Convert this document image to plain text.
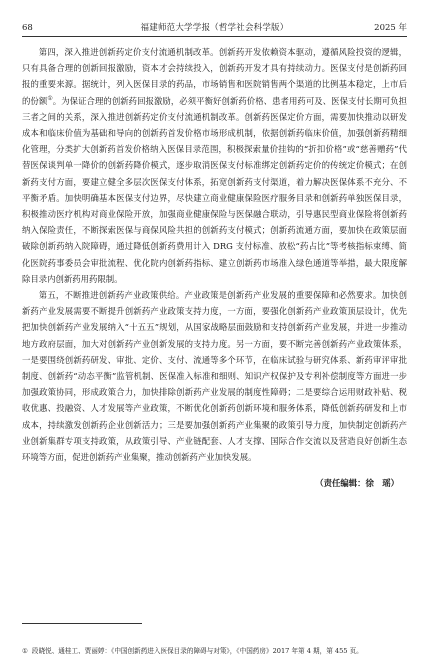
68	福建师范大学学报（哲学社会科学版）	2025 年

第四，深入推进创新药定价支付流通机制改革。创新药开发依赖资本驱动，遵循风险投资的逻辑，只有具备合理的创新回报激励，资本才会持续投入，创新药开发才具有持续动力。医保支付是创新药回报的重要来源。据统计，列入医保目录的药品，市场销售和医院销售两个渠道的比例基本稳定，上市后的份额①。为保证合理的创新药回报激励，必须平衡好创新药价格、患者用药可及、医保支付长期可负担三者之间的关系，深入推进创新药定价支付流通机制改革。创新药医保定价方面，需要加快推动以研发成本和临床价值为基础和导向的创新药首发价格市场形成机制，依据创新药临床价值，加强创新药精细化管理，分类扩大创新药首发价格纳入医保目录范围，积极探索量价挂钩的“折扣价格”或“慈善赠药”代替医保谈判单一降价的创新药降价模式，逐步取消医保支付标准绑定创新药定价的传统定价模式；在创新药支付方面，要建立健全多层次医保支付体系，拓宽创新药支付渠道，着力解决医保体系不充分、不平衡矛盾。加快明确基本医保支付边界，尽快建立商业健康保险医疗服务目录和创新药单独医保目录，积极推动医疗机构对商业保险开放，加强商业健康保险与医保融合联动，引导惠民型商业保险将创新药纳入保险责任，不断探索医保与商保风险共担的创新药支付模式；创新药流通方面，要加快在政策层面破除创新药纳入院障碍，通过降低创新药费用计入 DRG 支付标准、放松“药占比”等考核指标束缚、简化医院药事委员会审批流程、优化院内创新药指标、建立创新药市场准入绿色通道等举措，最大限度解除目录内创新药用药限制。

第五，不断推进创新药产业政策供给。产业政策是创新药产业发展的重要保障和必然要求。加快创新药产业发展需要不断提升创新药产业政策支持力度，一方面，要强化创新药产业政策顶层设计，优先把加快创新药产业发展纳入“十五五”规划，从国家战略层面鼓励和支持创新药产业发展，并进一步推动地方政府层面，加大对创新药产业创新发展的支持力度。另一方面，要不断完善创新药产业政策体系，一是要围绕创新药研发、审批、定价、支付、流通等多个环节，在临床试验与研究体系、新药审评审批制度、创新药“动态平衡”监管机制、医保准入标准和细则、知识产权保护及专利补偿制度等方面进一步加强政策协同，形成政策合力，加快排除创新药产业发展的制度性障碍；二是要综合运用财政补贴、税收优惠、投融资、人才发展等产业政策，不断优化创新药创新环境和服务体系，降低创新药研发和上市成本，持续激发创新药企业创新活力；三是要加强创新药产业集聚的政策引导力度，加快制定创新药产业创新集群专项支持政策，从政策引导、产业链配套、人才支撑、国际合作交流以及营造良好创新生态环境等方面，促进创新药产业集聚，推动创新药产业加快发展。

（责任编辑：徐　瑶）
① 段晓悦、通桂工、贾丽婷：《中国创新药进入医保目录的障碍与对策》，《中国药房》2017 年第 4 期，第 455 页。
